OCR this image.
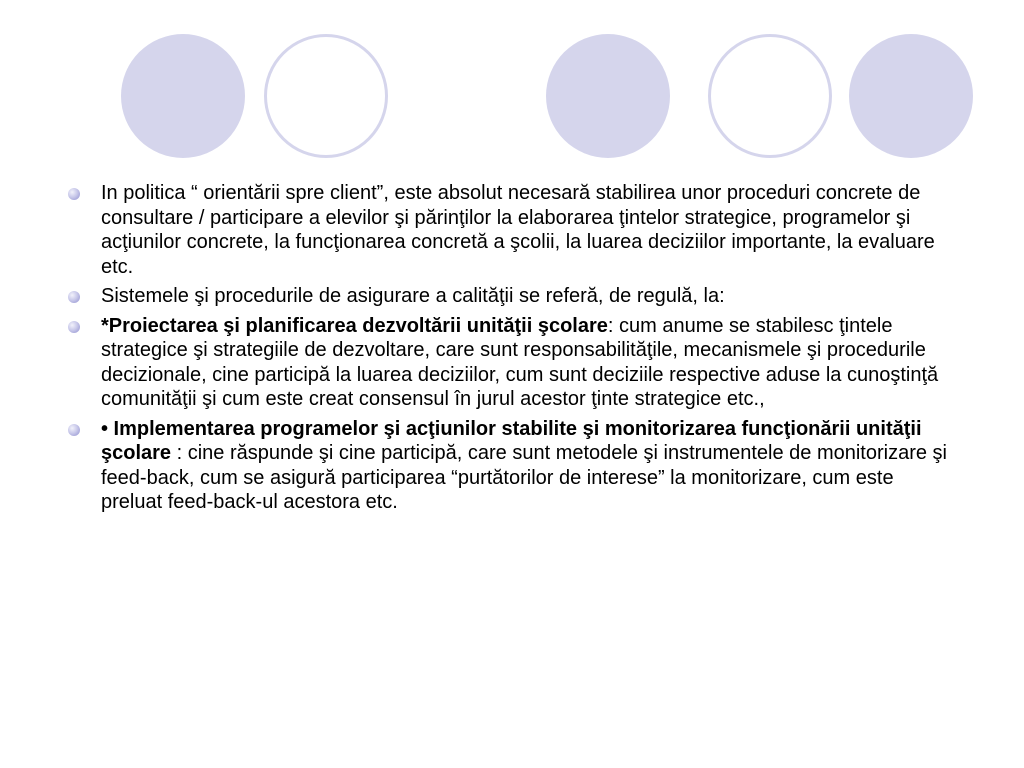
In politica “ orientării spre client”, este absolut necesară stabilirea unor proceduri concrete de consultare / participare a elevilor şi părinţilor la elaborarea ţintelor strategice, programelor şi acţiunilor concrete, la funcţionarea concretă a şcolii, la luarea deciziilor importante, la evaluare etc.
Sistemele şi procedurile de asigurare a calităţii se referă, de regulă, la:
*Proiectarea şi planificarea dezvoltării unităţii şcolare: cum anume se stabilesc ţintele strategice şi strategiile de dezvoltare, care sunt responsabilităţile, mecanismele şi procedurile decizionale, cine participă la luarea deciziilor, cum sunt deciziile respective aduse la cunoştinţă comunităţii şi cum este creat consensul în jurul acestor ţinte strategice etc.,
• Implementarea programelor şi acţiunilor stabilite şi monitorizarea funcţionării unităţii şcolare : cine răspunde şi cine participă, care sunt metodele şi instrumentele de monitorizare şi feed-back, cum se asigură participarea “purtătorilor de interese” la monitorizare, cum este preluat feed-back-ul acestora etc.
